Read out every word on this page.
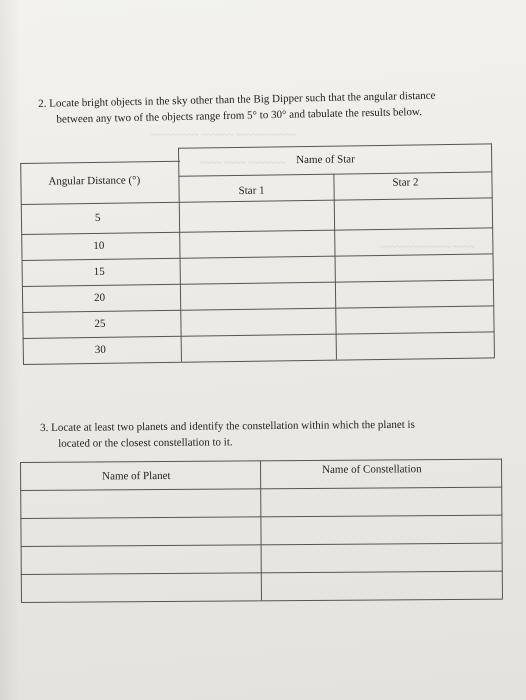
~~~~~~~~~ ~~~~~~ ~~~~~~~~~~~
~~~~ ~~~~ ~~~~~~~
~~~~~~~~~~~~~ ~~~~
2. Locate bright objects in the sky other than the Big Dipper such that the angular distance
between any two of the objects range from 5° to 30° and tabulate the results below.
Angular Distance (°)
Name of Star
Star 1
Star 2
5
10
15
20
25
30
3. Locate at least two planets and identify the constellation within which the planet is
located or the closest constellation to it.
Name of Planet
Name of Constellation
